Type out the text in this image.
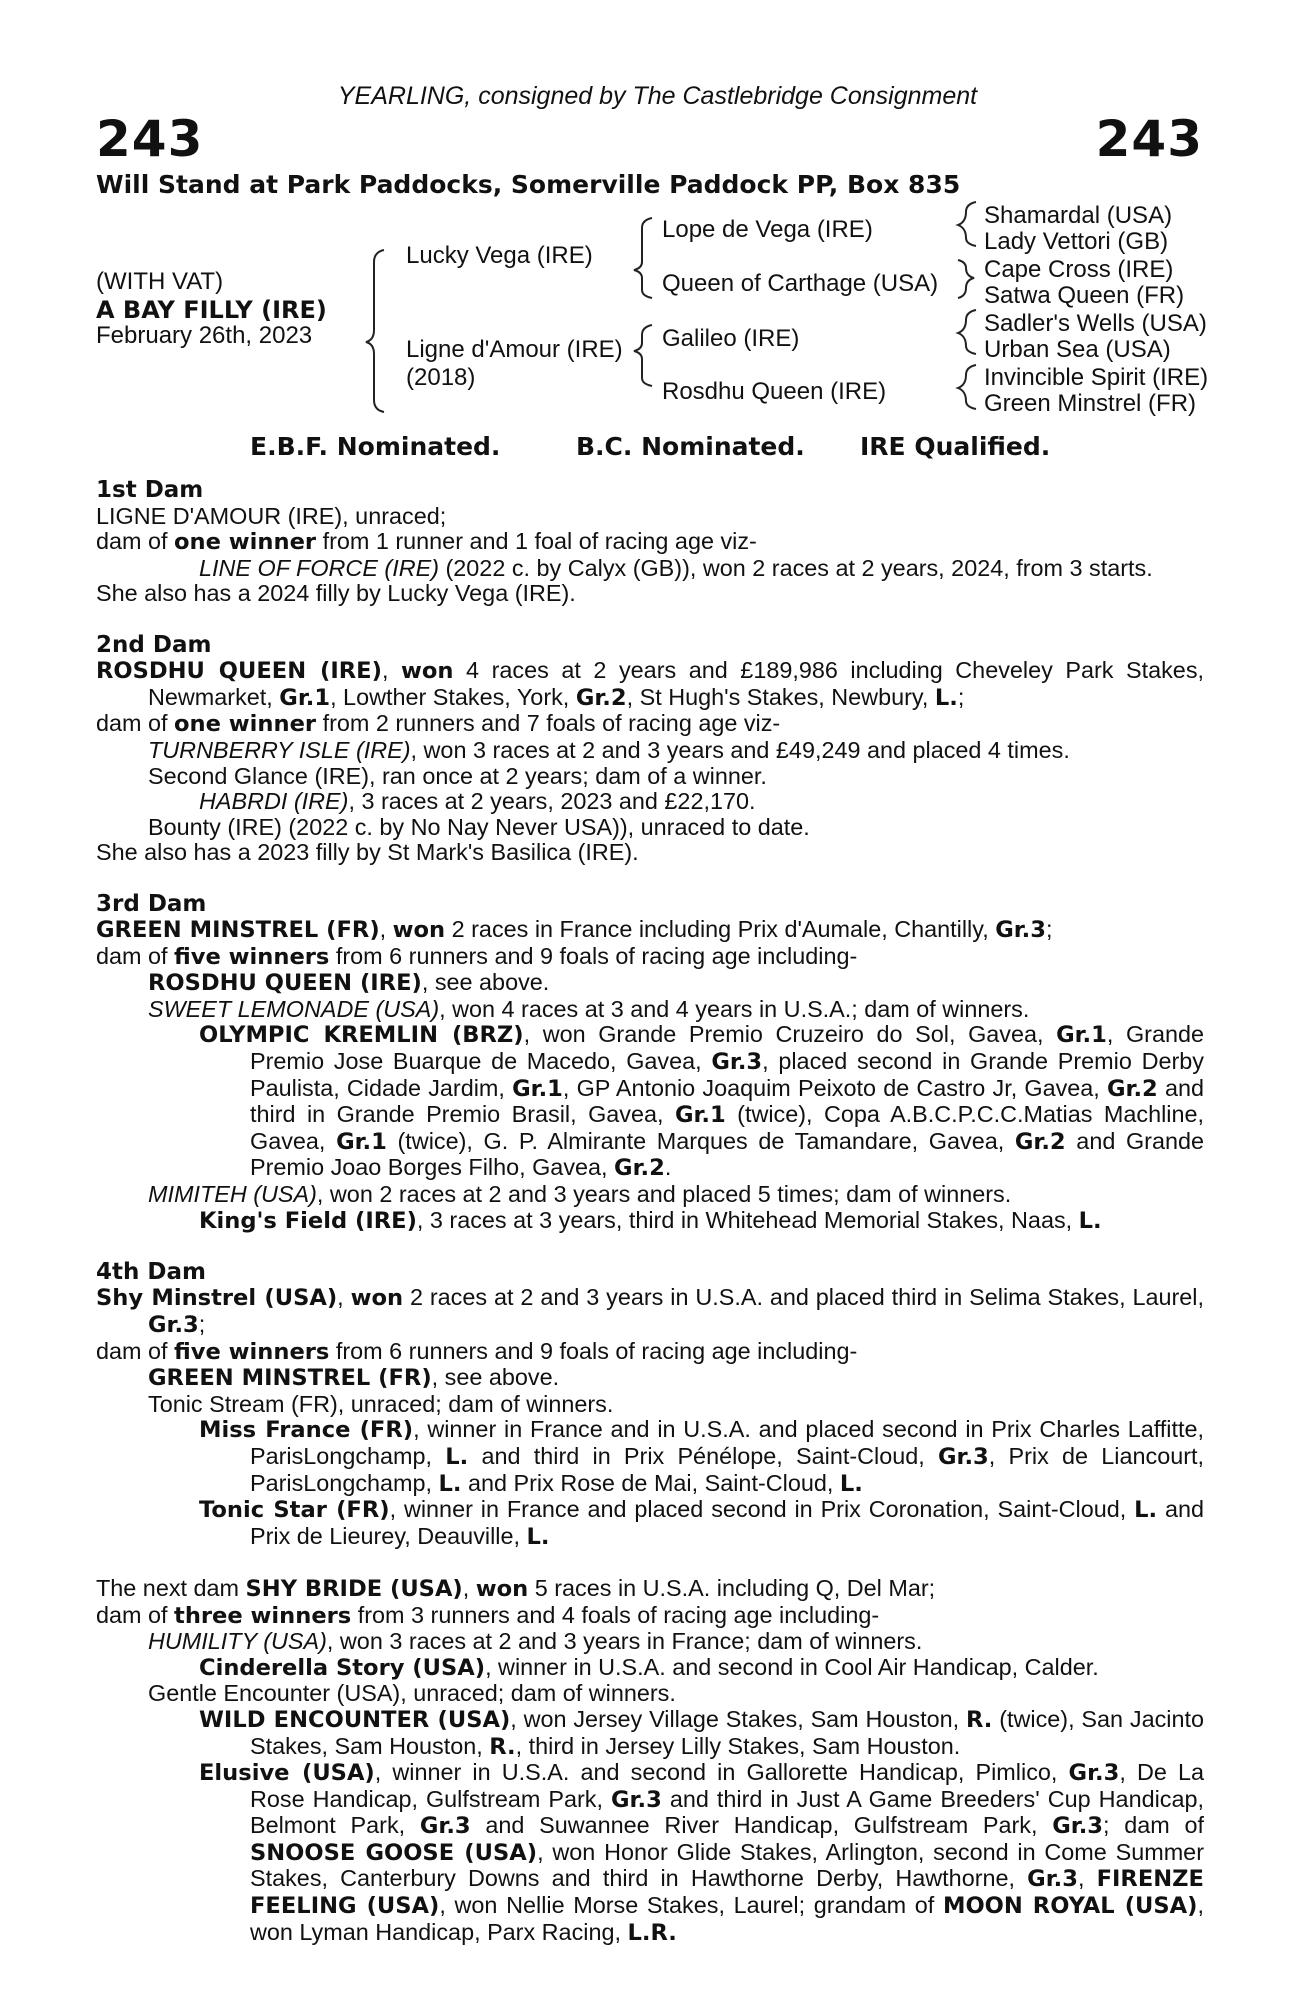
YEARLING, consigned by The Castlebridge Consignment
243	243
Will Stand at Park Paddocks, Somerville Paddock PP, Box 835
(WITH VAT)
A BAY FILLY (IRE)
February 26th, 2023
Lucky Vega (IRE)
Ligne d'Amour (IRE)
(2018)
Lope de Vega (IRE)
Queen of Carthage (USA)
Galileo (IRE)
Rosdhu Queen (IRE)
Shamardal (USA)
Lady Vettori (GB)
Cape Cross (IRE)
Satwa Queen (FR)
Sadler's Wells (USA)
Urban Sea (USA)
Invincible Spirit (IRE)
Green Minstrel (FR)
E.B.F. Nominated.	B.C. Nominated. IRE Qualified.

1st Dam

LIGNE D'AMOUR (IRE), unraced;

dam of one winner from 1 runner and 1 foal of racing age viz-

LINE OF FORCE (IRE) (2022 c. by Calyx (GB)), won 2 races at 2 years, 2024, from 3 starts.

She also has a 2024 filly by Lucky Vega (IRE).

2nd Dam

ROSDHU QUEEN (IRE), won 4 races at 2 years and £189,986 including Cheveley Park Stakes, Newmarket, Gr.1, Lowther Stakes, York, Gr.2, St Hugh's Stakes, Newbury, L.;

dam of one winner from 2 runners and 7 foals of racing age viz-

TURNBERRY ISLE (IRE), won 3 races at 2 and 3 years and £49,249 and placed 4 times.

Second Glance (IRE), ran once at 2 years; dam of a winner.

HABRDI (IRE), 3 races at 2 years, 2023 and £22,170.

Bounty (IRE) (2022 c. by No Nay Never USA)), unraced to date.

She also has a 2023 filly by St Mark's Basilica (IRE).

3rd Dam

GREEN MINSTREL (FR), won 2 races in France including Prix d'Aumale, Chantilly, Gr.3;

dam of five winners from 6 runners and 9 foals of racing age including-

ROSDHU QUEEN (IRE), see above.

SWEET LEMONADE (USA), won 4 races at 3 and 4 years in U.S.A.; dam of winners.

OLYMPIC KREMLIN (BRZ), won Grande Premio Cruzeiro do Sol, Gavea, Gr.1, Grande Premio Jose Buarque de Macedo, Gavea, Gr.3, placed second in Grande Premio Derby Paulista, Cidade Jardim, Gr.1, GP Antonio Joaquim Peixoto de Castro Jr, Gavea, Gr.2 and third in Grande Premio Brasil, Gavea, Gr.1 (twice), Copa A.B.C.P.C.C.Matias Machline, Gavea, Gr.1 (twice), G. P. Almirante Marques de Tamandare, Gavea, Gr.2 and Grande Premio Joao Borges Filho, Gavea, Gr.2.

MIMITEH (USA), won 2 races at 2 and 3 years and placed 5 times; dam of winners.

King's Field (IRE), 3 races at 3 years, third in Whitehead Memorial Stakes, Naas, L.

4th Dam

Shy Minstrel (USA), won 2 races at 2 and 3 years in U.S.A. and placed third in Selima Stakes, Laurel, Gr.3;

dam of five winners from 6 runners and 9 foals of racing age including-

GREEN MINSTREL (FR), see above.

Tonic Stream (FR), unraced; dam of winners.

Miss France (FR), winner in France and in U.S.A. and placed second in Prix Charles Laffitte, ParisLongchamp, L. and third in Prix Pénélope, Saint-Cloud, Gr.3, Prix de Liancourt, ParisLongchamp, L. and Prix Rose de Mai, Saint-Cloud, L.

Tonic Star (FR), winner in France and placed second in Prix Coronation, Saint-Cloud, L. and Prix de Lieurey, Deauville, L.

The next dam SHY BRIDE (USA), won 5 races in U.S.A. including Q, Del Mar;

dam of three winners from 3 runners and 4 foals of racing age including-

HUMILITY (USA), won 3 races at 2 and 3 years in France; dam of winners.

Cinderella Story (USA), winner in U.S.A. and second in Cool Air Handicap, Calder.

Gentle Encounter (USA), unraced; dam of winners.

WILD ENCOUNTER (USA), won Jersey Village Stakes, Sam Houston, R. (twice), San Jacinto Stakes, Sam Houston, R., third in Jersey Lilly Stakes, Sam Houston.

Elusive (USA), winner in U.S.A. and second in Gallorette Handicap, Pimlico, Gr.3, De La Rose Handicap, Gulfstream Park, Gr.3 and third in Just A Game Breeders' Cup Handicap, Belmont Park, Gr.3 and Suwannee River Handicap, Gulfstream Park, Gr.3; dam of SNOOSE GOOSE (USA), won Honor Glide Stakes, Arlington, second in Come Summer Stakes, Canterbury Downs and third in Hawthorne Derby, Hawthorne, Gr.3, FIRENZE FEELING (USA), won Nellie Morse Stakes, Laurel; grandam of MOON ROYAL (USA), won Lyman Handicap, Parx Racing, L.R.
